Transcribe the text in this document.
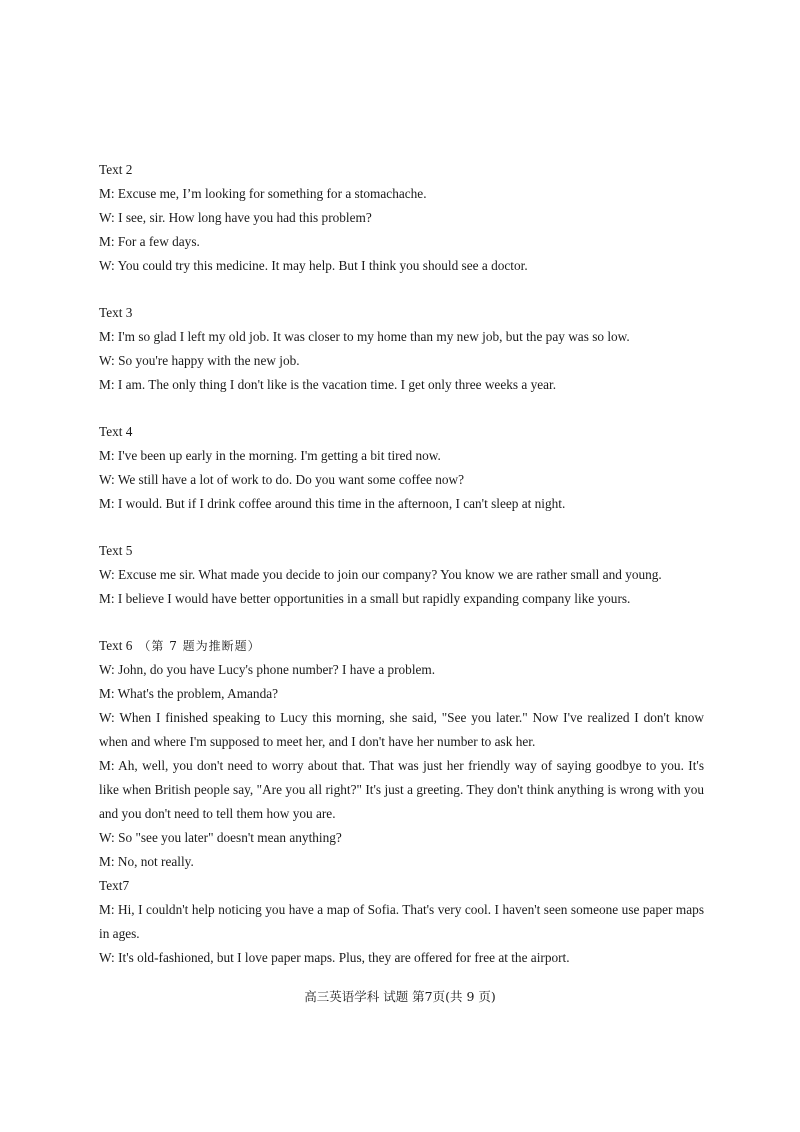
Text 2

M: Excuse me, I’m looking for something for a stomachache.

W: I see, sir. How long have you had this problem?

M: For a few days.

W: You could try this medicine. It may help. But I think you should see a doctor.

Text 3

M: I'm so glad I left my old job. It was closer to my home than my new job, but the pay was so low.

W: So you're happy with the new job.

M: I am. The only thing I don't like is the vacation time. I get only three weeks a year.

Text 4

M: I've been up early in the morning. I'm getting a bit tired now.

W: We still have a lot of work to do. Do you want some coffee now?

M: I would. But if I drink coffee around this time in the afternoon, I can't sleep at night.

Text 5

W: Excuse me sir. What made you decide to join our company? You know we are rather small and young.

M: I believe I would have better opportunities in a small but rapidly expanding company like yours.

Text 6 （第 7 题为推断题）

W: John, do you have Lucy's phone number? I have a problem.

M: What's the problem, Amanda?

W: When I finished speaking to Lucy this morning, she said, "See you later." Now I've realized I don't know when and where I'm supposed to meet her, and I don't have her number to ask her.

M: Ah, well, you don't need to worry about that. That was just her friendly way of saying goodbye to you. It's like when British people say, "Are you all right?" It's just a greeting. They don't think anything is wrong with you and you don't need to tell them how you are.

W: So "see you later" doesn't mean anything?

M: No, not really.

Text7

M: Hi, I couldn't help noticing you have a map of Sofia. That's very cool. I haven't seen someone use paper maps in ages.

W: It's old-fashioned, but I love paper maps. Plus, they are offered for free at the airport.

高三英语学科 试题 第7页(共 9 页)
